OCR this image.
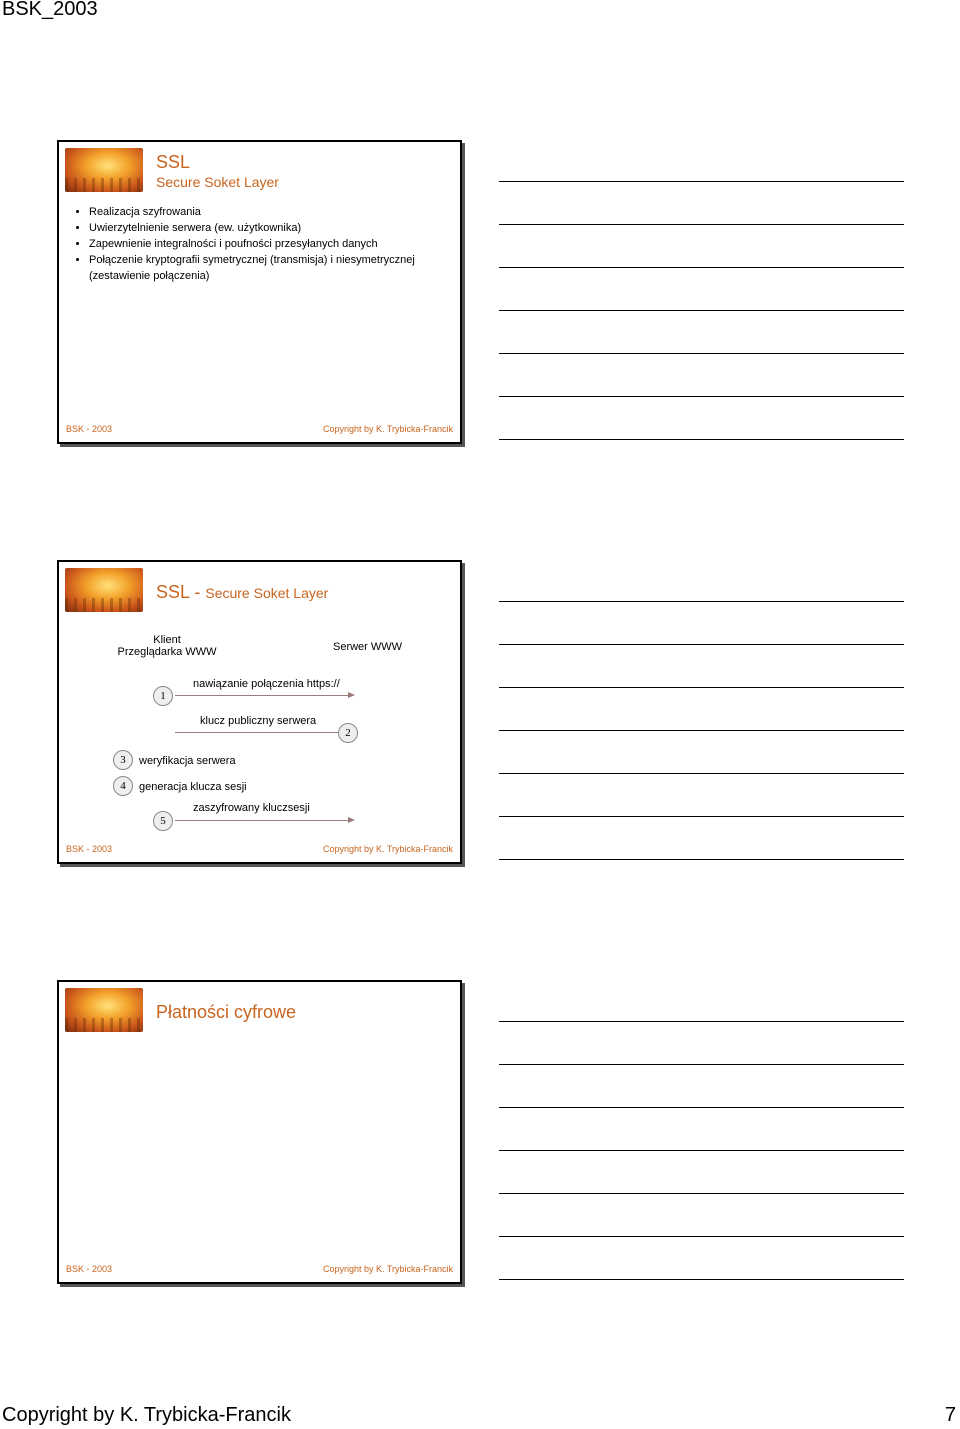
BSK_2003
SSL
Secure Soket Layer
• Realizacja szyfrowania
• Uwierzytelnienie serwera (ew. użytkownika)
• Zapewnienie integralności i poufności przesyłanych danych
• Połączenie kryptografii symetrycznej (transmisja) i niesymetrycznej (zestawienie połączenia)
BSK - 2003	Copyright by K. Trybicka-Francik
SSL - Secure Soket Layer
Klient
Przeglądarka WWW	Serwer WWW
1
nawiązanie połączenia https://
klucz publiczny serwera
2
3	weryfikacja serwera
4	generacja klucza sesji
5
zaszyfrowany kluczsesji
BSK - 2003	Copyright by K. Trybicka-Francik
Płatności cyfrowe
BSK - 2003	Copyright by K. Trybicka-Francik
Copyright by K. Trybicka-Francik	7
